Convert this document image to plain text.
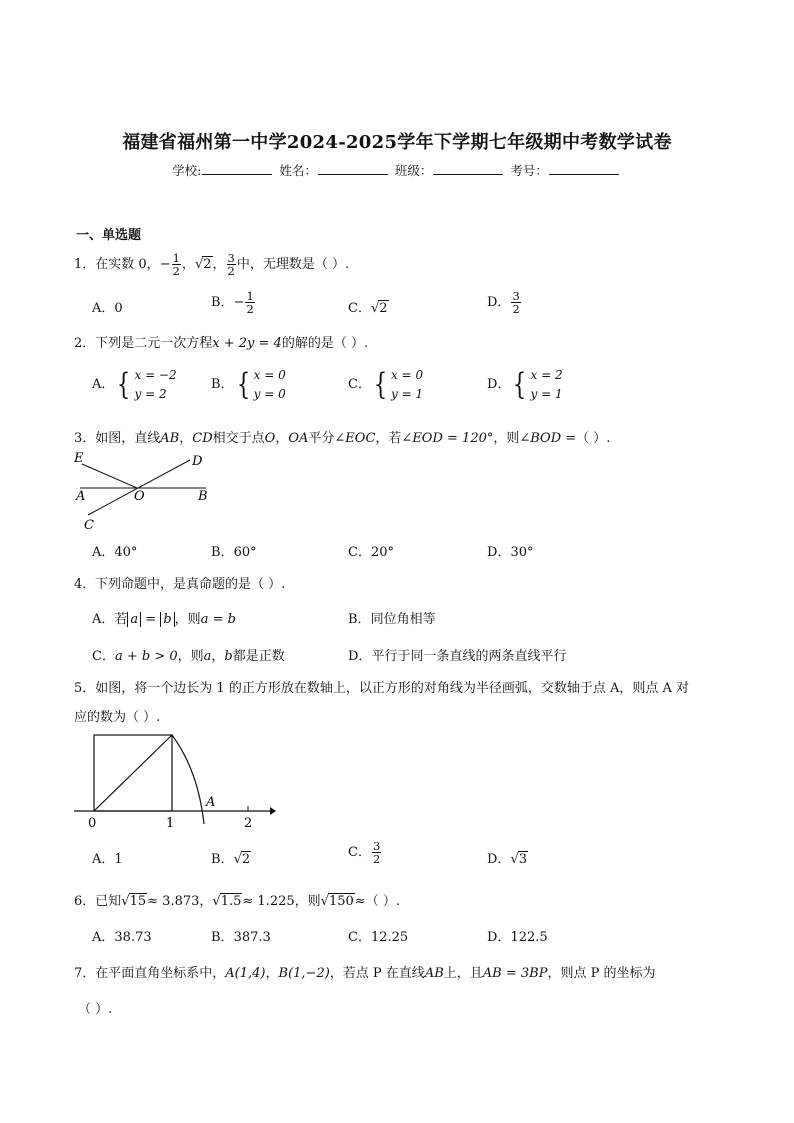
福建省福州第一中学2024-2025学年下学期七年级期中考数学试卷
学校:	姓名：	班级：	考号：
一、单选题
1．在实数 0，− $\frac{1}{2}$ ，√2， $\frac{3}{2}$ 中，无理数是（ ）.
A．0	B．− $\frac{1}{2}$	C．√2	D． $\frac{3}{2}$
2．下列是二元一次方程x + 2y = 4的解的是（ ）.
A． { x = −2
y = 2
B． { x = 0
y = 0
C． { x = 0
y = 1
D． { x = 2
y = 1
3．如图，直线AB，CD相交于点O，OA平分∠EOC，若∠EOD = 120°，则∠BOD =（ ）.
E	D
A	O	B
C
A．40°	B．60°	C．20°	D．30°
下列命题中，是真命题的是（ ）.
4．
A．若 a = b ，则a = b	B．同位角相等
C．a + b > 0，则a，b都是正数	D．平行于同一条直线的两条直线平行
5．如图，将一个边长为 1 的正方形放在数轴上，以正方形的对角线为半径画弧，交数轴于点 A，则点 A 对
应的数为（ ）.
0	1	2
A
A．1	B．√2	C． $\frac{3}{2}$	D．√3
6．已知√15≈ 3.873，√1.5≈ 1.225，则√150≈（ ）.
A．38.73	B．387.3	C．12.25	D．122.5
7．在平面直角坐标系中，A(1,4)，B(1,−2)，若点 P 在直线AB上，且AB = 3BP，则点 P 的坐标为
（ ）.
